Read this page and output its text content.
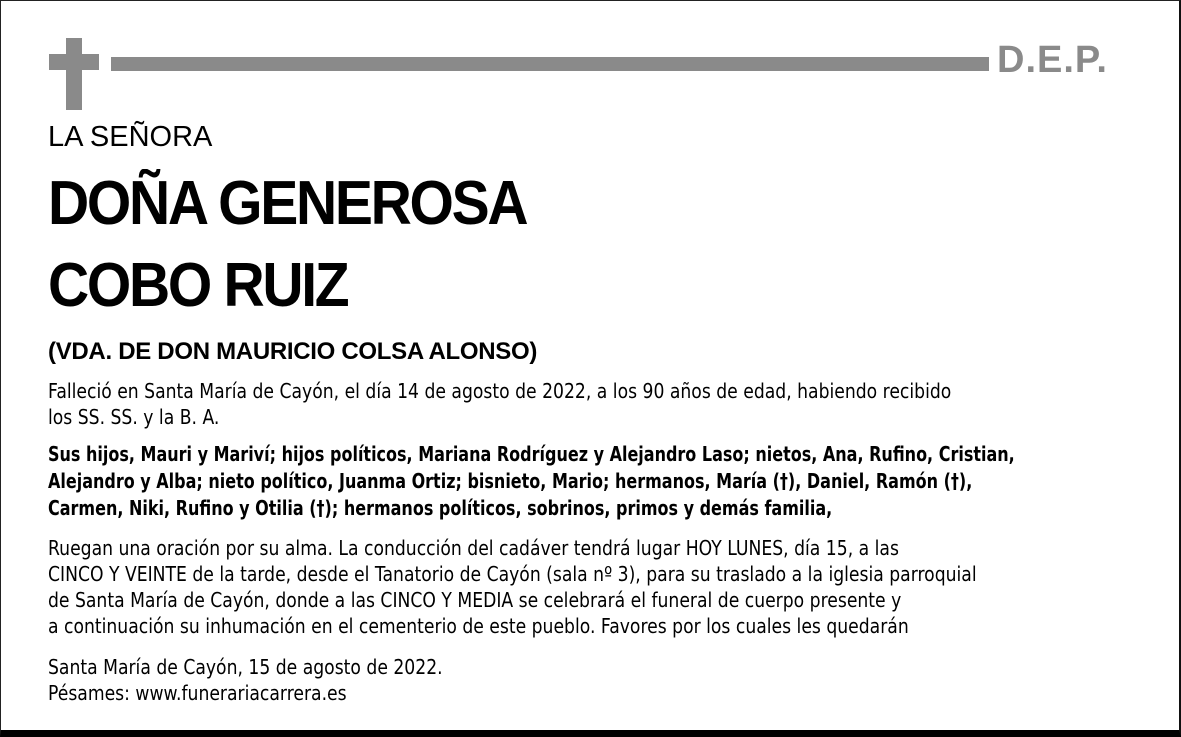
D.E.P.
LA SEÑORA
DOÑA GENEROSA
COBO RUIZ
(VDA. DE DON MAURICIO COLSA ALONSO)
Falleció en Santa María de Cayón, el día 14 de agosto de 2022, a los 90 años de edad, habiendo recibido
los SS. SS. y la B. A.
Sus hijos, Mauri y Mariví; hijos políticos, Mariana Rodríguez y Alejandro Laso; nietos, Ana, Rufino, Cristian,
Alejandro y Alba; nieto político, Juanma Ortiz; bisnieto, Mario; hermanos, María (†), Daniel, Ramón (†),
Carmen, Niki, Rufino y Otilia (†); hermanos políticos, sobrinos, primos y demás familia,
Ruegan una oración por su alma. La conducción del cadáver tendrá lugar HOY LUNES, día 15, a las
CINCO Y VEINTE de la tarde, desde el Tanatorio de Cayón (sala nº 3), para su traslado a la iglesia parroquial
de Santa María de Cayón, donde a las CINCO Y MEDIA se celebrará el funeral de cuerpo presente y
a continuación su inhumación en el cementerio de este pueblo. Favores por los cuales les quedarán
Santa María de Cayón, 15 de agosto de 2022.
Pésames: www.funerariacarrera.es
